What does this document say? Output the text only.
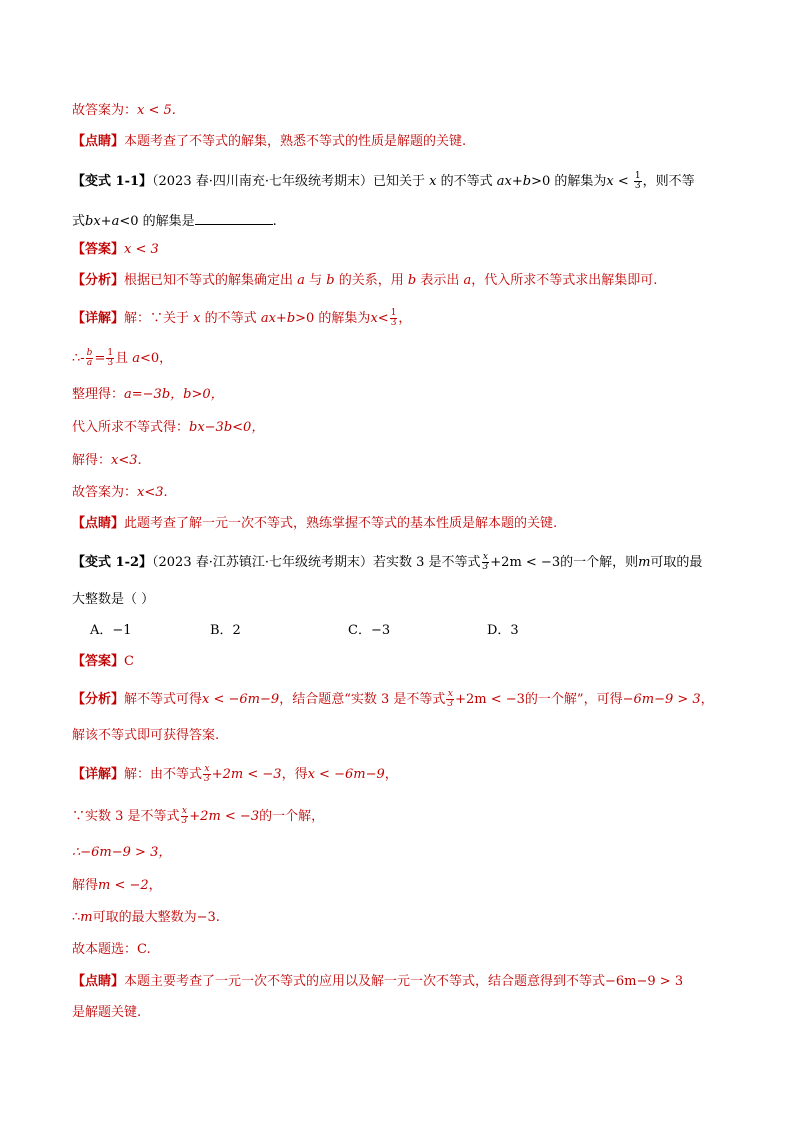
故答案为：x < 5.
【点睛】本题考查了不等式的解集，熟悉不等式的性质是解题的关键.
【变式 1-1】（2023 春·四川南充·七年级统考期末）已知关于 x 的不等式 ax+b>0 的解集为$x < \frac{1}{3}$ ，则不等
式bx+a<0 的解集是	.
【答案】x < 3
【分析】根据已知不等式的解集确定出 a 与 b 的关系，用 b 表示出 a，代入所求不等式求出解集即可.
【详解】解：∵关于 x 的不等式 ax+b>0 的解集为$x< \frac{1}{3}$ ，
∴- $\frac{b}{a} = \frac{1}{3}$ 且 a<0，
整理得：a=−3b，b>0，
代入所求不等式得：bx−3b<0，
解得：x<3.
故答案为：x<3.
【点睛】此题考查了解一元一次不等式，熟练掌握不等式的基本性质是解本题的关键.
【变式 1-2】（2023 春·江苏镇江·七年级统考期末）若实数 3 是不等式 $\frac{x}{3} +2m < -3$的一个解，则m可取的最
大整数是（ ）
A．−1	B．2	C．−3	D．3
【答案】C
【分析】解不等式可得x < −6m−9，结合题意“实数 3 是不等式 $\frac{x}{3} +2m < -3$的一个解”，可得−6m−9 > 3，
解该不等式即可获得答案.
【详解】解：由不等式 $\frac{x}{3} +2m < -3$，得x < −6m−9，
∵实数 3 是不等式 $\frac{x}{3} +2m < -3$的一个解，
∴−6m−9 > 3，
解得m < −2，
∴m可取的最大整数为−3.
故本题选：C.
【点睛】本题主要考查了一元一次不等式的应用以及解一元一次不等式，结合题意得到不等式−6m−9 > 3
是解题关键.
